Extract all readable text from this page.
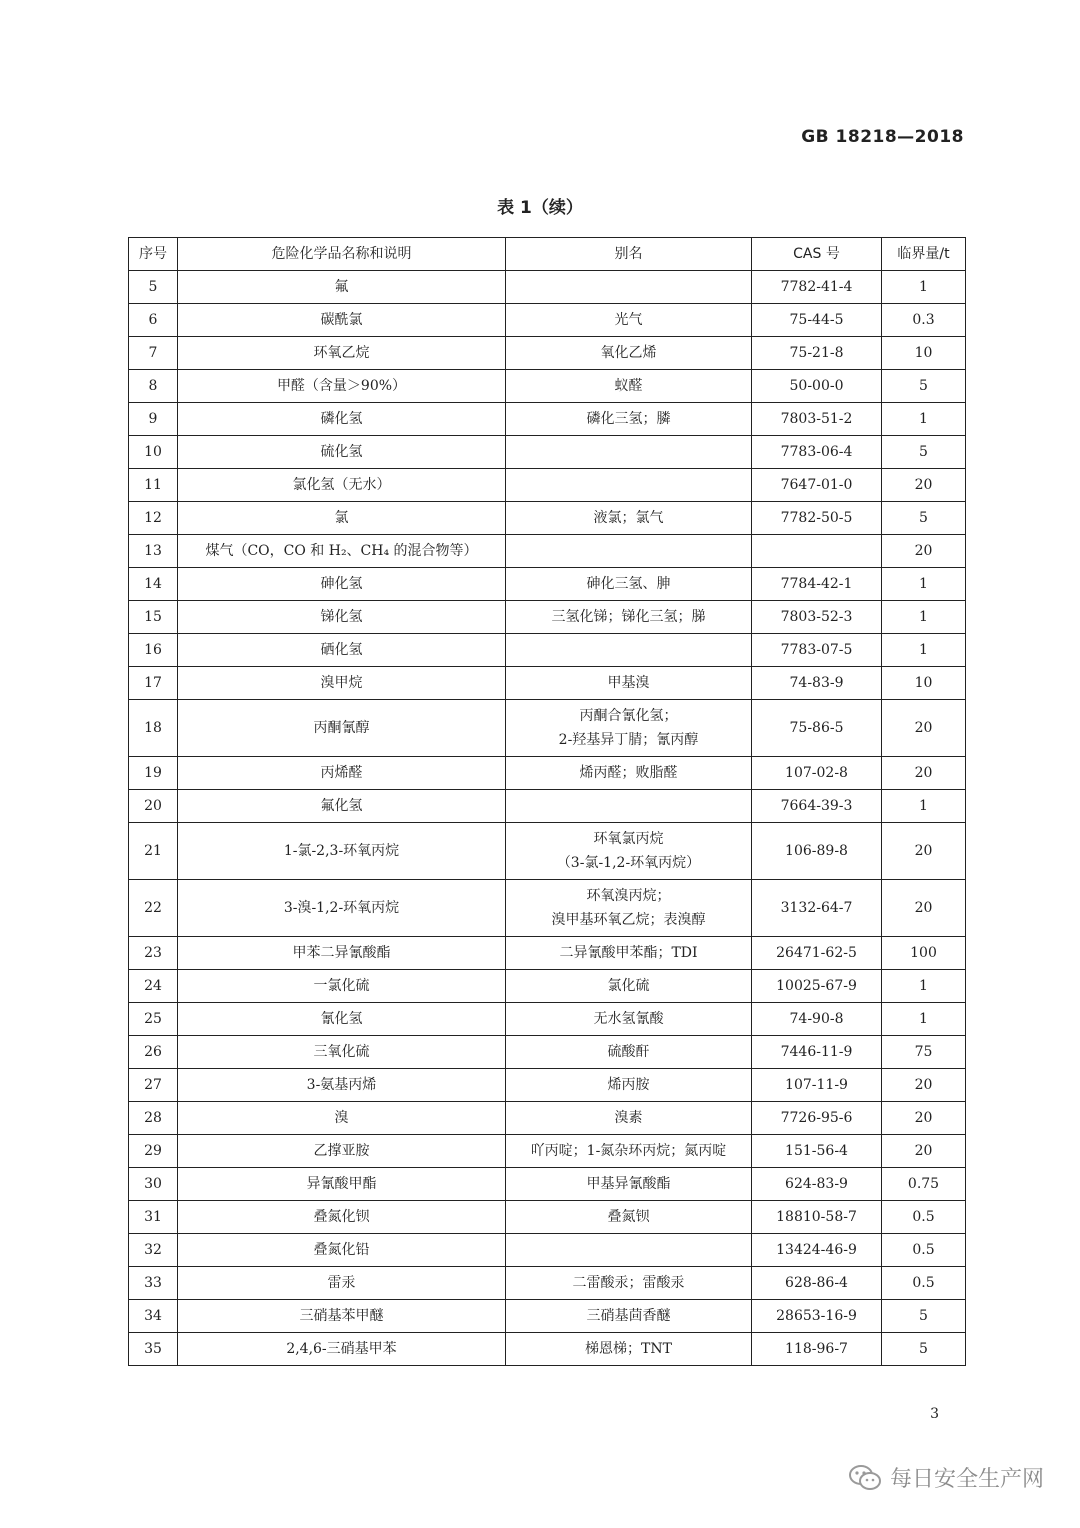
GB 18218—2018
表 1（续）
序号	危险化学品名称和说明	别名	CAS 号	临界量/t
5	氟		7782-41-4	1
6	碳酰氯	光气	75-44-5	0.3
7	环氧乙烷	氧化乙烯	75-21-8	10
8	甲醛（含量＞90%）	蚁醛	50-00-0	5
9	磷化氢	磷化三氢；膦	7803-51-2	1
10	硫化氢		7783-06-4	5
11	氯化氢（无水）		7647-01-0	20
12	氯	液氯；氯气	7782-50-5	5
13	煤气（CO，CO 和 H₂、CH₄ 的混合物等）			20
14	砷化氢	砷化三氢、胂	7784-42-1	1
15	锑化氢	三氢化锑；锑化三氢；䏲	7803-52-3	1
16	硒化氢		7783-07-5	1
17	溴甲烷	甲基溴	74-83-9	10
18	丙酮氰醇	丙酮合氰化氢；
2-羟基异丁腈；氰丙醇	75-86-5	20
19	丙烯醛	烯丙醛；败脂醛	107-02-8	20
20	氟化氢		7664-39-3	1
21	1-氯-2,3-环氧丙烷	环氧氯丙烷
（3-氯-1,2-环氧丙烷）	106-89-8	20
22	3-溴-1,2-环氧丙烷	环氧溴丙烷；
溴甲基环氧乙烷；表溴醇	3132-64-7	20
23	甲苯二异氰酸酯	二异氰酸甲苯酯；TDI	26471-62-5	100
24	一氯化硫	氯化硫	10025-67-9	1
25	氰化氢	无水氢氰酸	74-90-8	1
26	三氧化硫	硫酸酐	7446-11-9	75
27	3-氨基丙烯	烯丙胺	107-11-9	20
28	溴	溴素	7726-95-6	20
29	乙撑亚胺	吖丙啶；1-氮杂环丙烷；氮丙啶	151-56-4	20
30	异氰酸甲酯	甲基异氰酸酯	624-83-9	0.75
31	叠氮化钡	叠氮钡	18810-58-7	0.5
32	叠氮化铅		13424-46-9	0.5
33	雷汞	二雷酸汞；雷酸汞	628-86-4	0.5
34	三硝基苯甲醚	三硝基茴香醚	28653-16-9	5
35	2,4,6-三硝基甲苯	梯恩梯；TNT	118-96-7	5
3
每日安全生产网
